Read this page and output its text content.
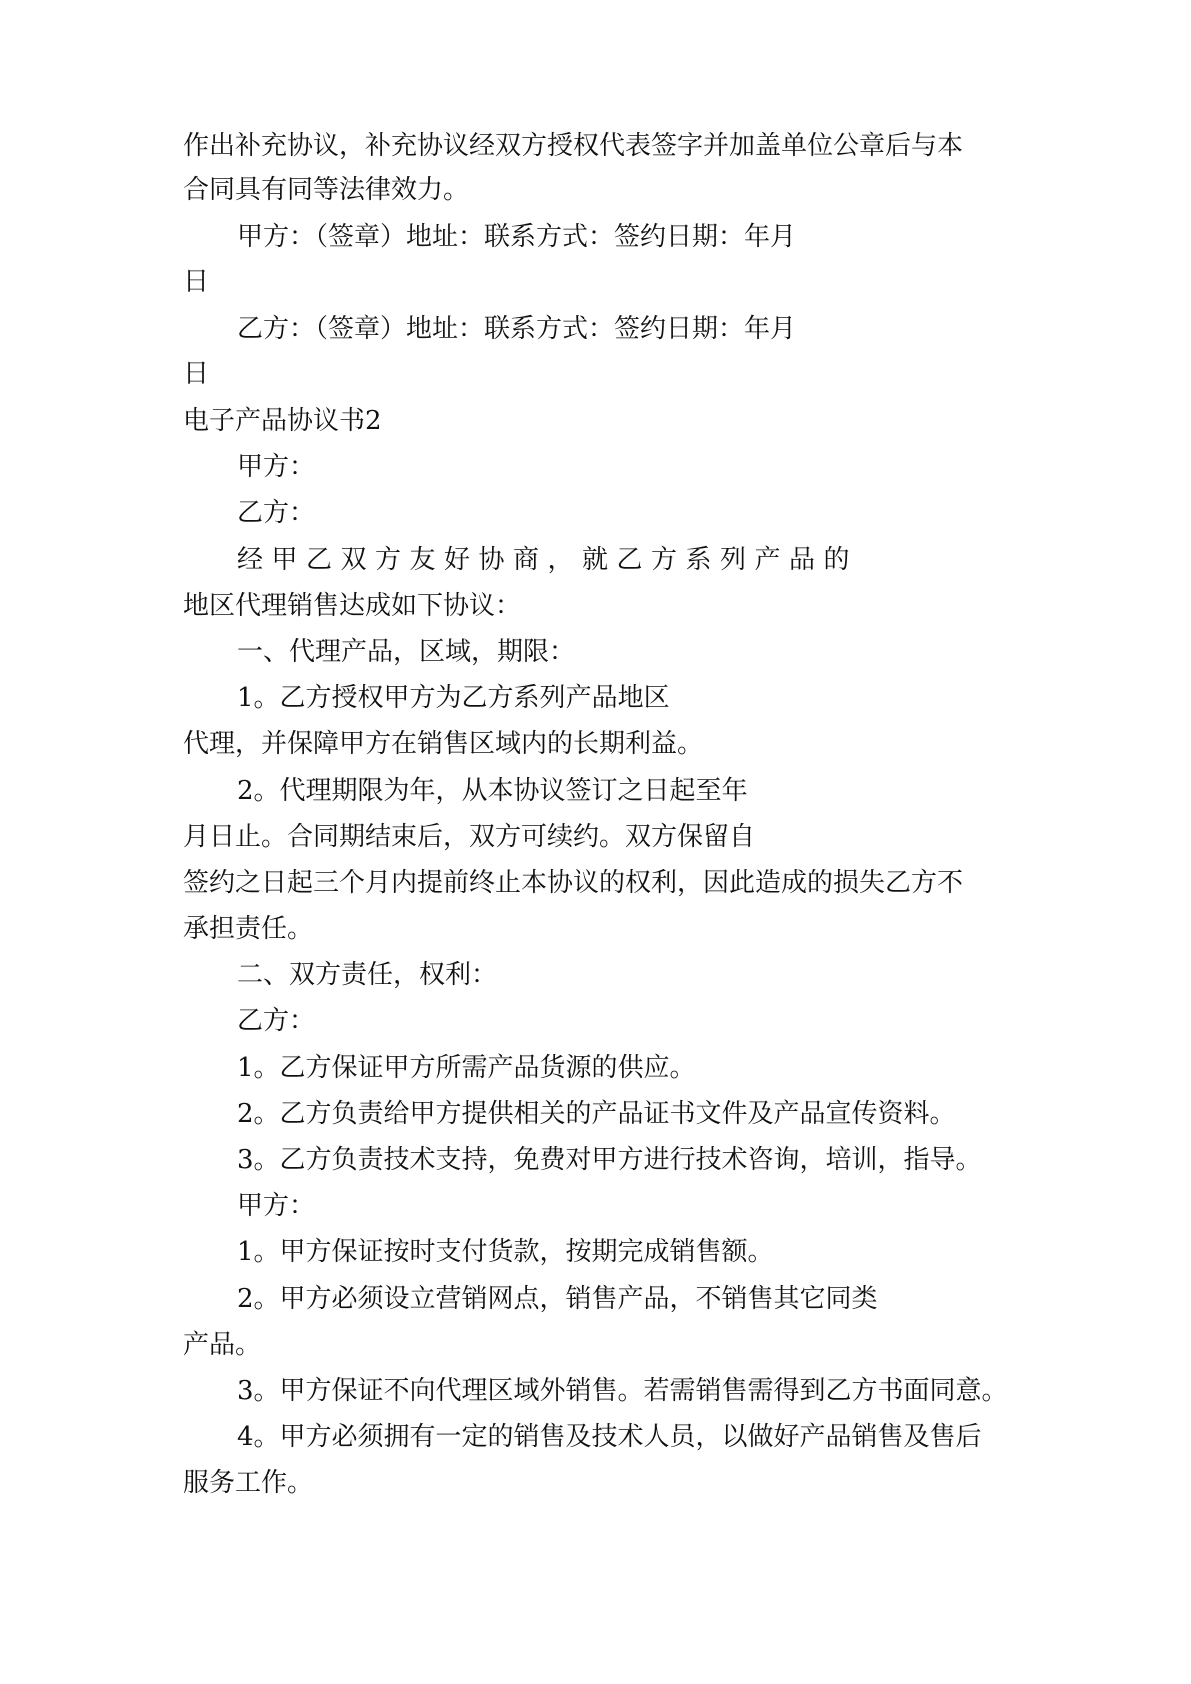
作出补充协议，补充协议经双方授权代表签字并加盖单位公章后与本
合同具有同等法律效力。
甲方：（签章）地址：联系方式：签约日期：年月
日
乙方：（签章）地址：联系方式：签约日期：年月
日
电子产品协议书2
甲方：
乙方：
经甲乙双方友好协商，就乙方系列产品的
地区代理销售达成如下协议：
一、代理产品，区域，期限：
1。乙方授权甲方为乙方系列产品地区
代理，并保障甲方在销售区域内的长期利益。
2。代理期限为年，从本协议签订之日起至年
月日止。合同期结束后，双方可续约。双方保留自
签约之日起三个月内提前终止本协议的权利，因此造成的损失乙方不
承担责任。
二、双方责任，权利：
乙方：
1。乙方保证甲方所需产品货源的供应。
2。乙方负责给甲方提供相关的产品证书文件及产品宣传资料。
3。乙方负责技术支持，免费对甲方进行技术咨询，培训，指导。
甲方：
1。甲方保证按时支付货款，按期完成销售额。
2。甲方必须设立营销网点，销售产品，不销售其它同类
产品。
3。甲方保证不向代理区域外销售。若需销售需得到乙方书面同意。
4。甲方必须拥有一定的销售及技术人员，以做好产品销售及售后
服务工作。
